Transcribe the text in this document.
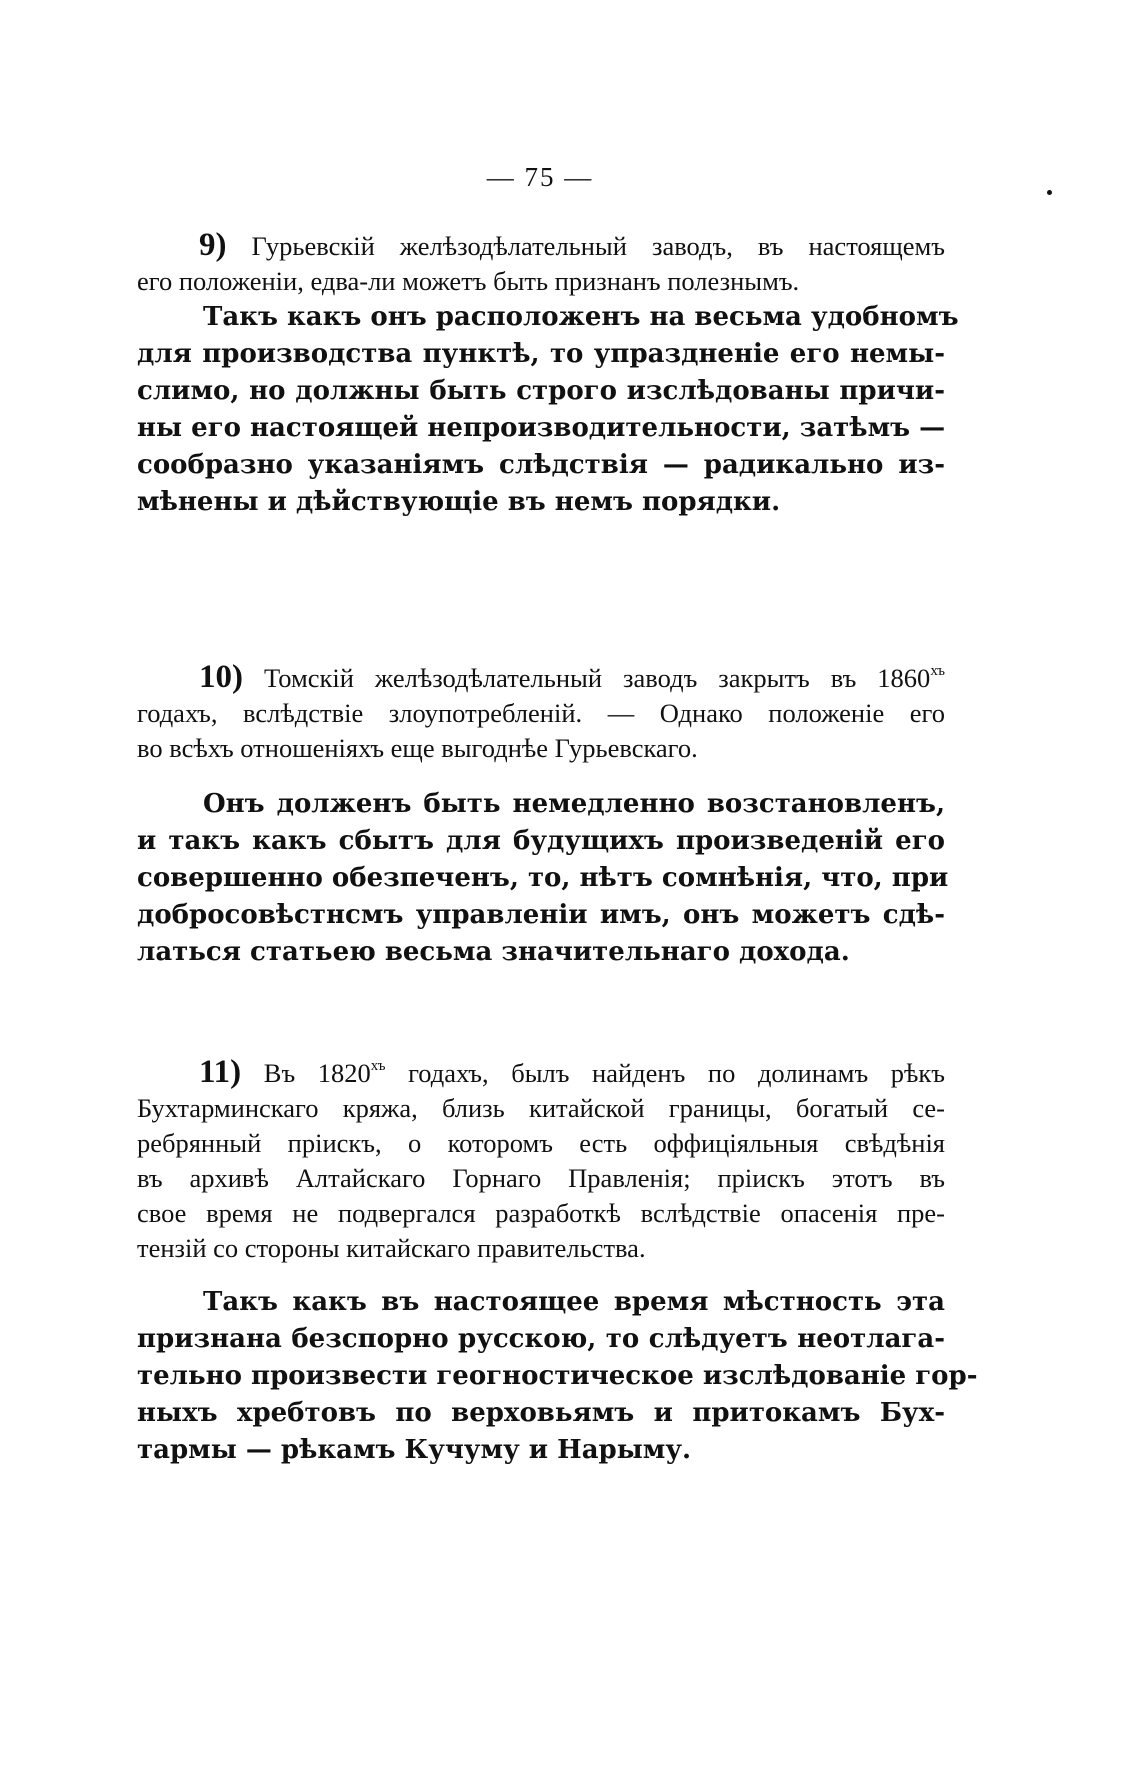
— 75 —

9) Гурьевскій желѣзодѣлательный заводъ, въ настоящемъ
его положеніи, едва-ли можетъ быть признанъ полезнымъ.

Такъ какъ онъ расположенъ на весьма удобномъ
для производства пунктѣ, то упраздненіе его немы-
слимо, но должны быть строго изслѣдованы причи-
ны его настоящей непроизводительности, затѣмъ —
сообразно указаніямъ слѣдствія — радикально из-
мѣнены и дѣйствующіе въ немъ порядки.

10) Томскій желѣзодѣлательный заводъ закрытъ въ $1860^{хъ}$
годахъ, вслѣдствіе злоупотребленій. — Однако положеніе его
во всѣхъ отношеніяхъ еще выгоднѣе Гурьевскаго.

Онъ долженъ быть немедленно возстановленъ,
и такъ какъ сбытъ для будущихъ произведеній его
совершенно обезпеченъ, то, нѣтъ сомнѣнія, что, при
добросовѣстнсмъ управленіи имъ, онъ можетъ сдѣ-
латься статьею весьма значительнаго дохода.

11) Въ $1820^{хъ}$ годахъ, былъ найденъ по долинамъ рѣкъ
Бухтарминскаго кряжа, близь китайской границы, богатый се-
ребрянный пріискъ, о которомъ есть оффиціяльныя свѣдѣнія
въ архивѣ Алтайскаго Горнаго Правленія; пріискъ этотъ въ
свое время не подвергался разработкѣ вслѣдствіе опасенія пре-
тензій со стороны китайскаго правительства.

Такъ какъ въ настоящее время мѣстность эта
признана безспорно русскою, то слѣдуетъ неотлага-
тельно произвести геогностическое изслѣдованіе гор-
ныхъ хребтовъ по верховьямъ и притокамъ Бух-
тармы — рѣкамъ Кучуму и Нарыму.
